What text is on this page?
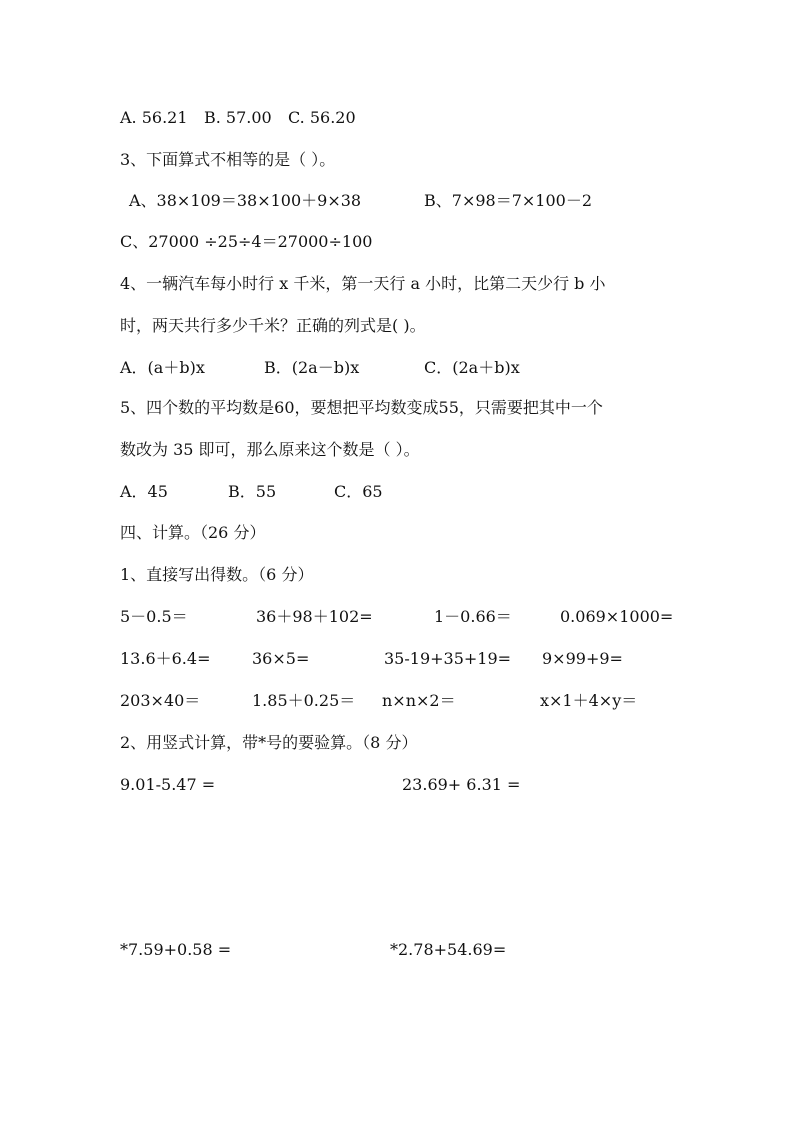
A. 56.21 B. 57.00 C. 56.20
3、下面算式不相等的是（ ）。
A、38×109＝38×100＋9×38	B、7×98＝7×100－2
C、27000 ÷25÷4＝27000÷100
4、一辆汽车每小时行 x 千米，第一天行 a 小时，比第二天少行 b 小
时，两天共行多少千米？正确的列式是( )。
A．(a＋b)x	B．(2a－b)x	C．(2a＋b)x
5、四个数的平均数是60，要想把平均数变成55，只需要把其中一个
数改为 35 即可，那么原来这个数是（ ）。
A．45	B．55	C．65
四、计算。（26 分）
1、直接写出得数。（6 分）
5－0.5＝	36＋98＋102=	1－0.66＝	0.069×1000=
13.6＋6.4=	36×5=	35-19+35+19= 9×99+9=
203×40＝	1.85＋0.25＝ n×n×2＝	x×1＋4×y＝
2、用竖式计算，带*号的要验算。（8 分）
9.01-5.47 =	23.69+ 6.31 =
*7.59+0.58 =	*2.78+54.69=
